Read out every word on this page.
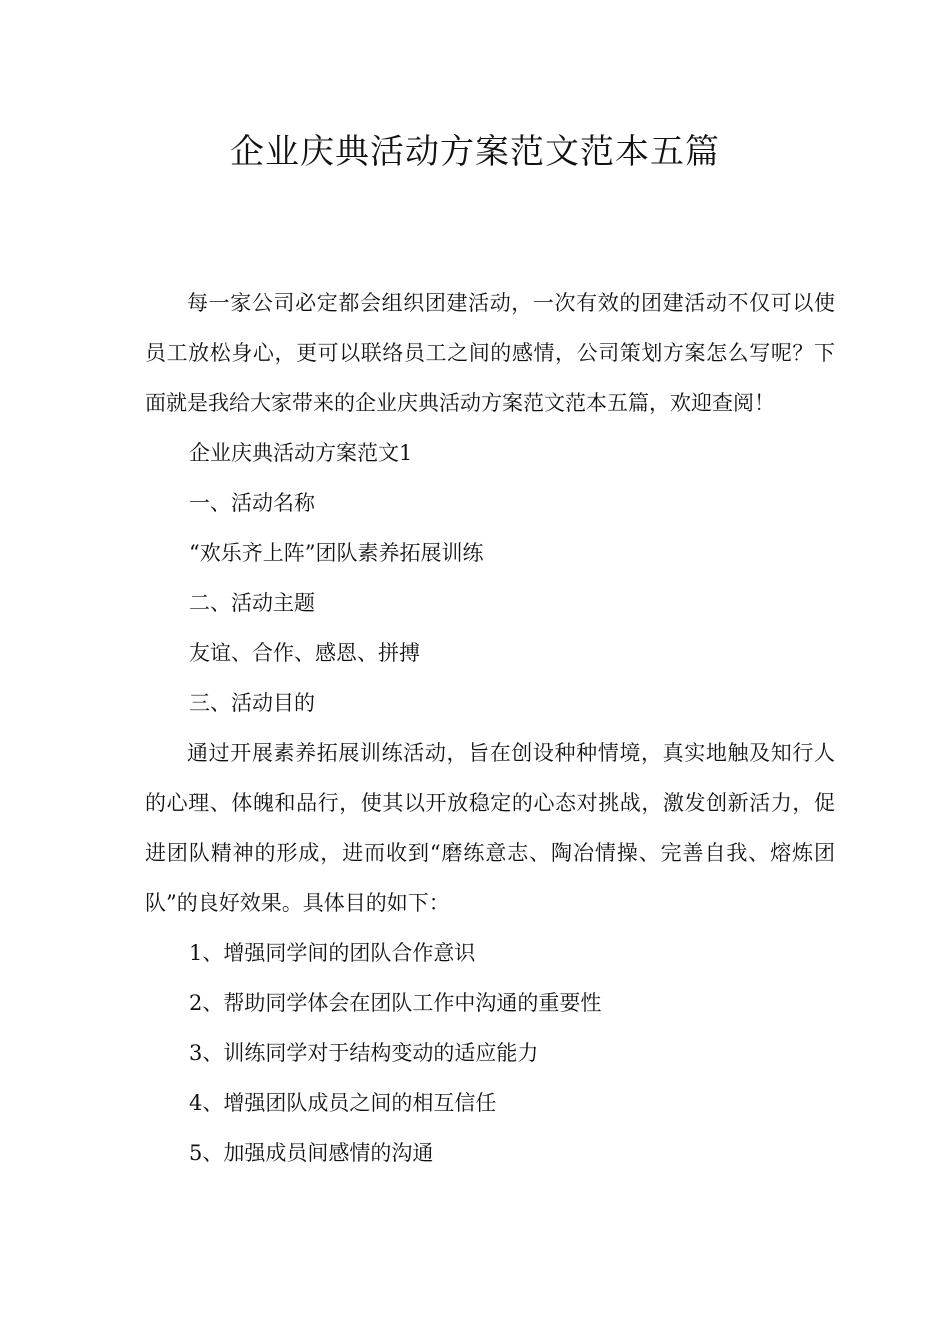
企业庆典活动方案范文范本五篇

每一家公司必定都会组织团建活动，一次有效的团建活动不仅可以使员工放松身心，更可以联络员工之间的感情，公司策划方案怎么写呢？下面就是我给大家带来的企业庆典活动方案范文范本五篇，欢迎查阅！

企业庆典活动方案范文1

一、活动名称

“欢乐齐上阵”团队素养拓展训练

二、活动主题

友谊、合作、感恩、拼搏

三、活动目的

通过开展素养拓展训练活动，旨在创设种种情境，真实地触及知行人的心理、体魄和品行，使其以开放稳定的心态对挑战，激发创新活力，促进团队精神的形成，进而收到“磨练意志、陶冶情操、完善自我、熔炼团队”的良好效果。具体目的如下：

1、增强同学间的团队合作意识

2、帮助同学体会在团队工作中沟通的重要性

3、训练同学对于结构变动的适应能力

4、增强团队成员之间的相互信任

5、加强成员间感情的沟通
